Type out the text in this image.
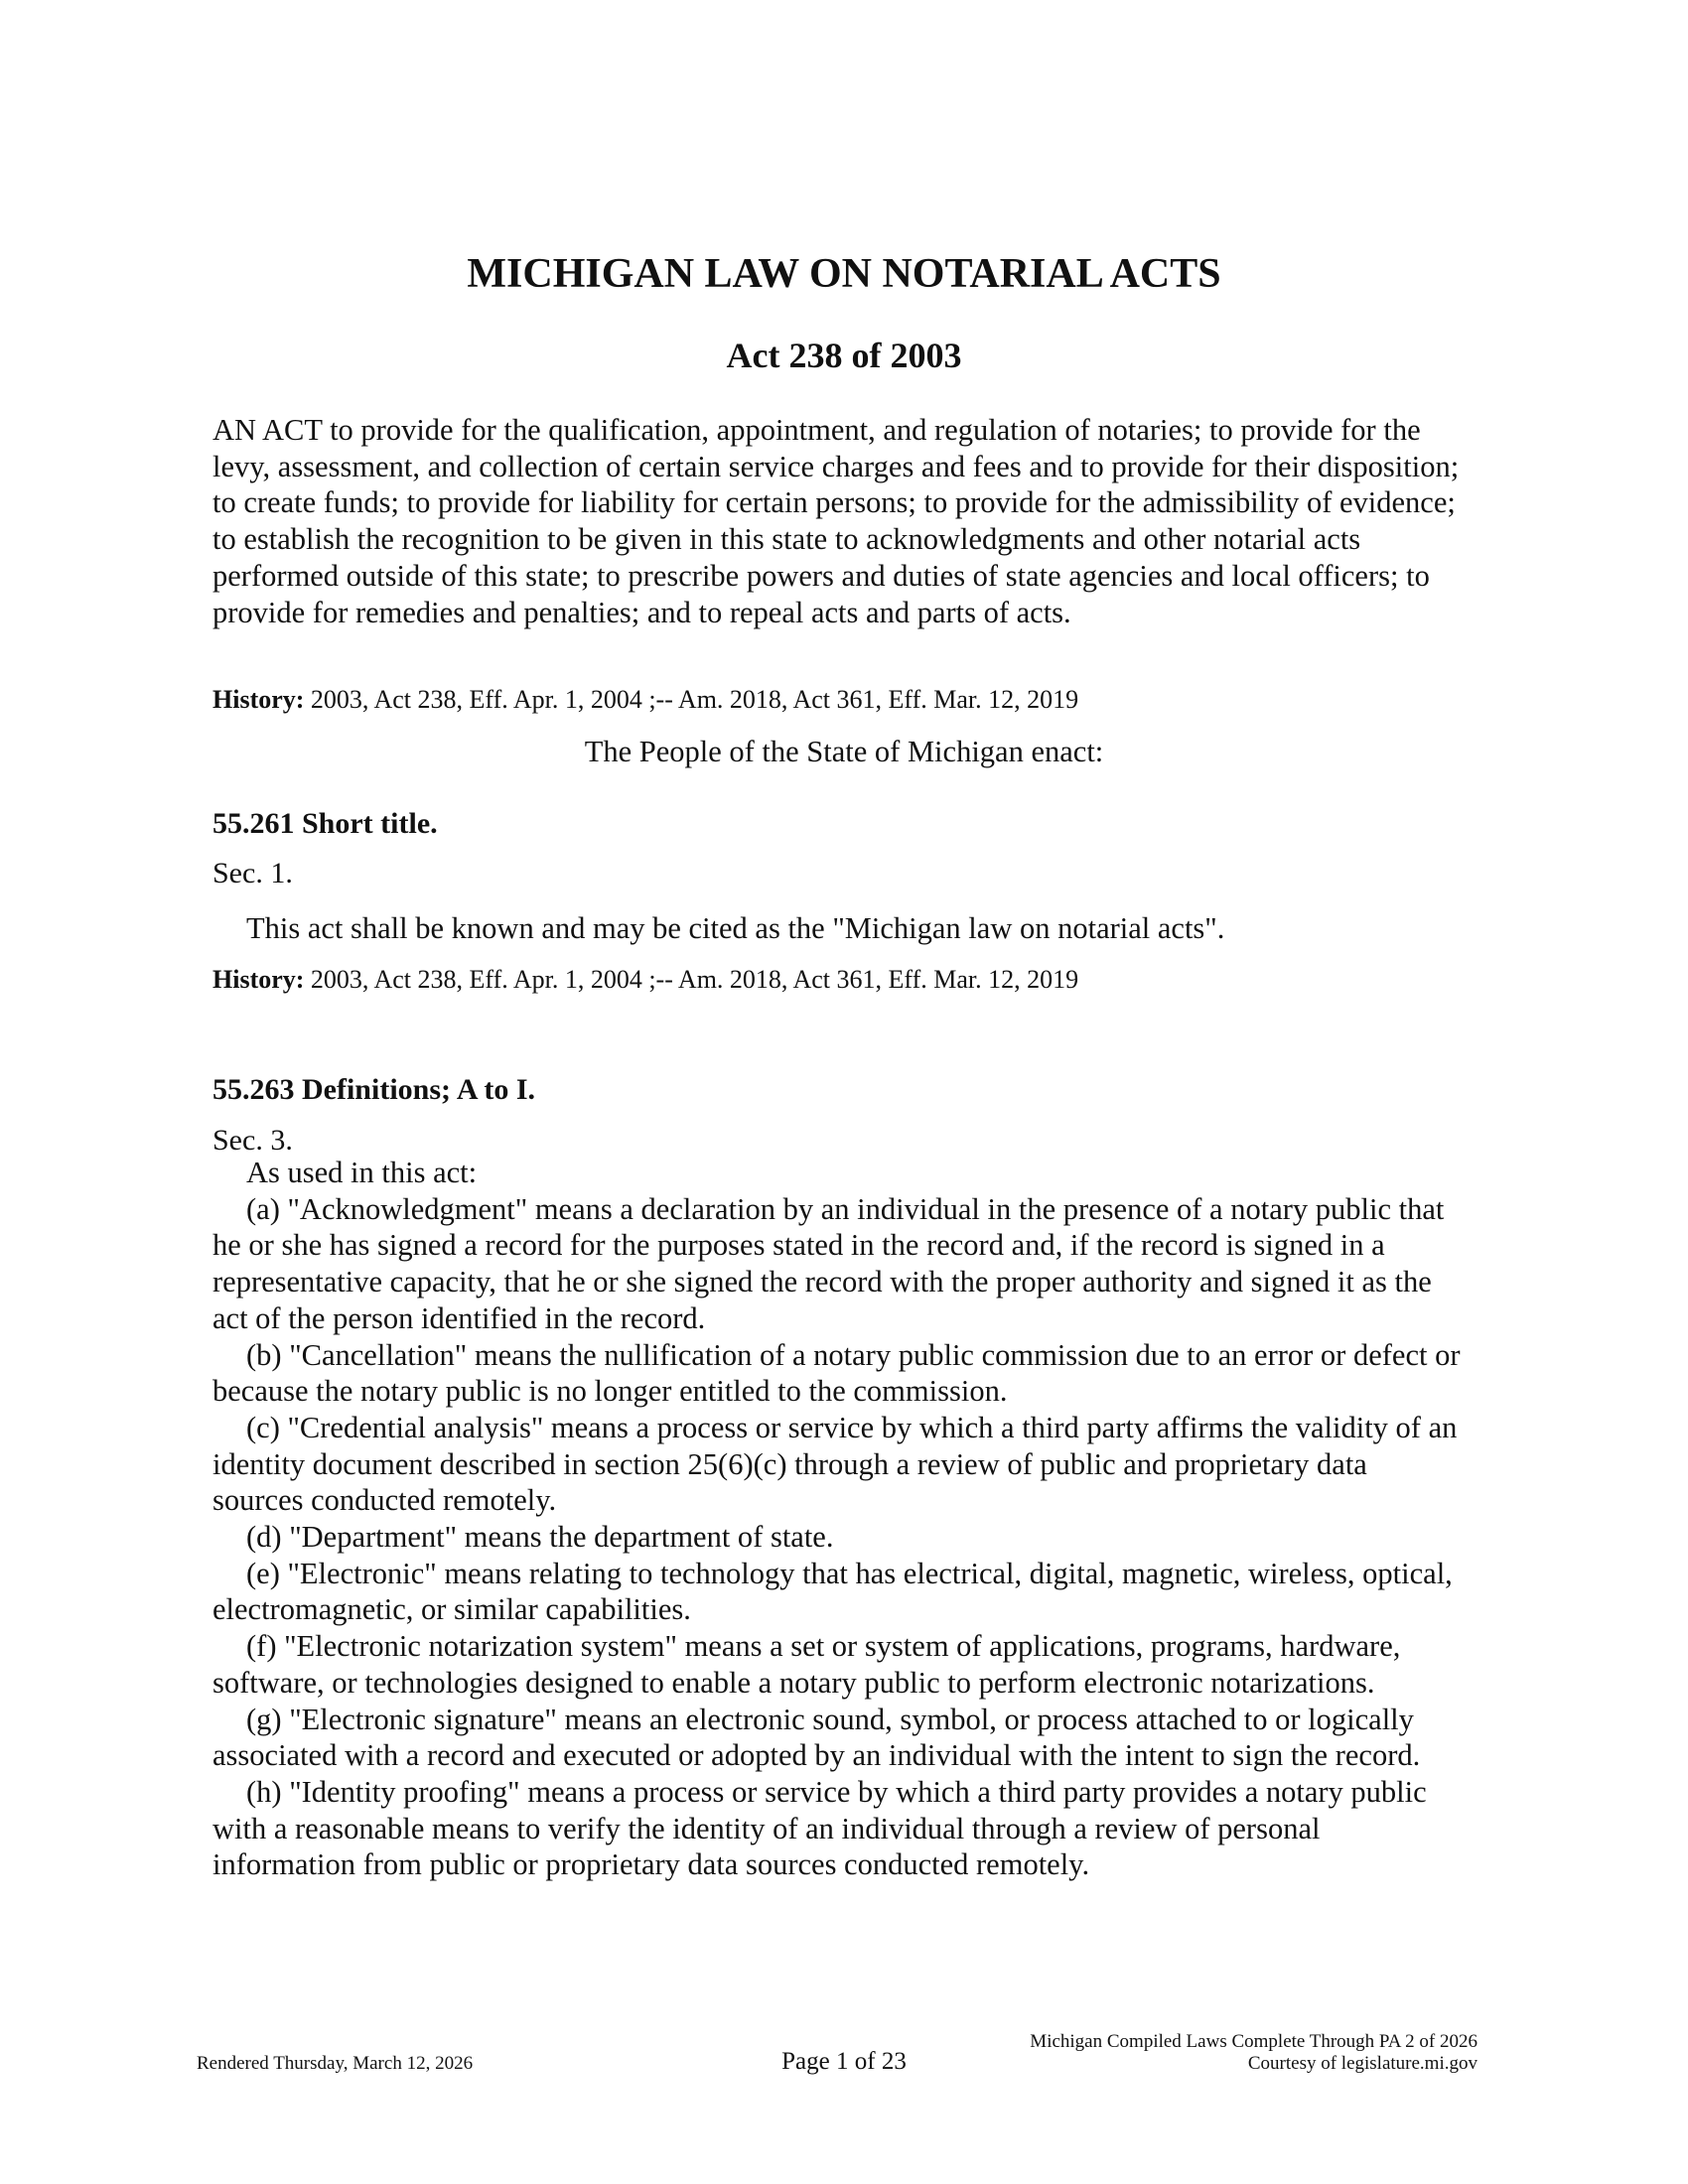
MICHIGAN LAW ON NOTARIAL ACTS
Act 238 of 2003

AN ACT to provide for the qualification, appointment, and regulation of notaries; to provide for the levy, assessment, and collection of certain service charges and fees and to provide for their disposition; to create funds; to provide for liability for certain persons; to provide for the admissibility of evidence; to establish the recognition to be given in this state to acknowledgments and other notarial acts performed outside of this state; to prescribe powers and duties of state agencies and local officers; to provide for remedies and penalties; and to repeal acts and parts of acts.

History: 2003, Act 238, Eff. Apr. 1, 2004 ;-- Am. 2018, Act 361, Eff. Mar. 12, 2019
The People of the State of Michigan enact:
55.261 Short title.
Sec. 1.

This act shall be known and may be cited as the "Michigan law on notarial acts".

History: 2003, Act 238, Eff. Apr. 1, 2004 ;-- Am. 2018, Act 361, Eff. Mar. 12, 2019
55.263 Definitions; A to I.
Sec. 3.

As used in this act:

(a) "Acknowledgment" means a declaration by an individual in the presence of a notary public that he or she has signed a record for the purposes stated in the record and, if the record is signed in a representative capacity, that he or she signed the record with the proper authority and signed it as the act of the person identified in the record.

(b) "Cancellation" means the nullification of a notary public commission due to an error or defect or because the notary public is no longer entitled to the commission.

(c) "Credential analysis" means a process or service by which a third party affirms the validity of an identity document described in section 25(6)(c) through a review of public and proprietary data sources conducted remotely.

(d) "Department" means the department of state.

(e) "Electronic" means relating to technology that has electrical, digital, magnetic, wireless, optical, electromagnetic, or similar capabilities.

(f) "Electronic notarization system" means a set or system of applications, programs, hardware, software, or technologies designed to enable a notary public to perform electronic notarizations.

(g) "Electronic signature" means an electronic sound, symbol, or process attached to or logically associated with a record and executed or adopted by an individual with the intent to sign the record.

(h) "Identity proofing" means a process or service by which a third party provides a notary public with a reasonable means to verify the identity of an individual through a review of personal information from public or proprietary data sources conducted remotely.

Rendered Thursday, March 12, 2026	Page 1 of 23
Michigan Compiled Laws Complete Through PA 2 of 2026
Courtesy of legislature.mi.gov
